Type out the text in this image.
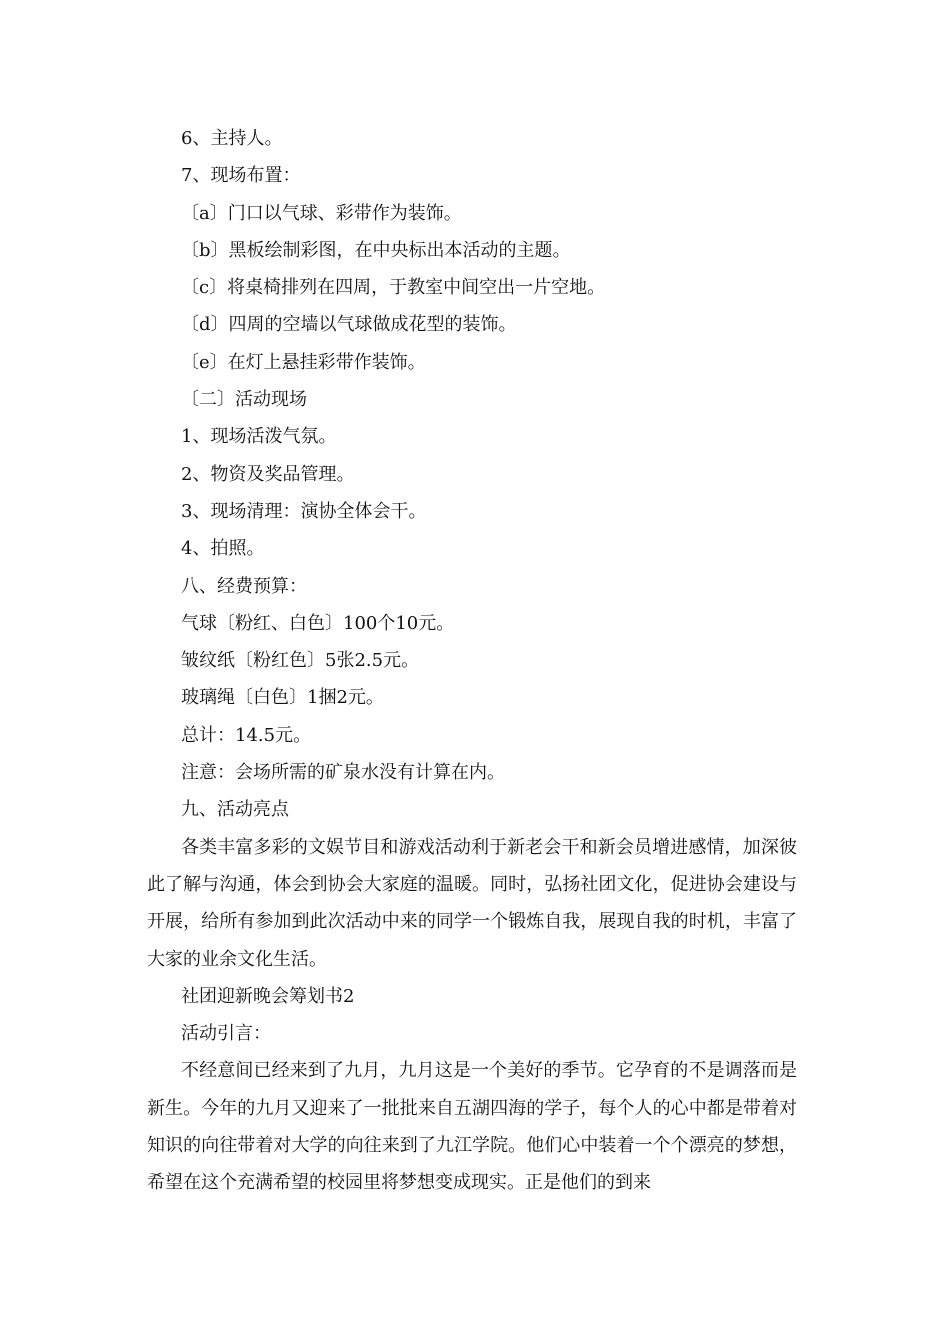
6、主持人。

7、现场布置：

〔a〕门口以气球、彩带作为装饰。

〔b〕黑板绘制彩图，在中央标出本活动的主题。

〔c〕将桌椅排列在四周，于教室中间空出一片空地。

〔d〕四周的空墙以气球做成花型的装饰。

〔e〕在灯上悬挂彩带作装饰。

〔二〕活动现场

1、现场活泼气氛。

2、物资及奖品管理。

3、现场清理：演协全体会干。

4、拍照。

八、经费预算：

气球〔粉红、白色〕100个10元。

皱纹纸〔粉红色〕5张2.5元。

玻璃绳〔白色〕1捆2元。

总计：14.5元。

注意：会场所需的矿泉水没有计算在内。

九、活动亮点

各类丰富多彩的文娱节目和游戏活动利于新老会干和新会员增进感情，加深彼此了解与沟通，体会到协会大家庭的温暖。同时，弘扬社团文化，促进协会建设与开展，给所有参加到此次活动中来的同学一个锻炼自我，展现自我的时机，丰富了大家的业余文化生活。

社团迎新晚会筹划书2

活动引言：

不经意间已经来到了九月，九月这是一个美好的季节。它孕育的不是调落而是新生。今年的九月又迎来了一批批来自五湖四海的学子，每个人的心中都是带着对知识的向往带着对大学的向往来到了九江学院。他们心中装着一个个漂亮的梦想，希望在这个充满希望的校园里将梦想变成现实。正是他们的到来
